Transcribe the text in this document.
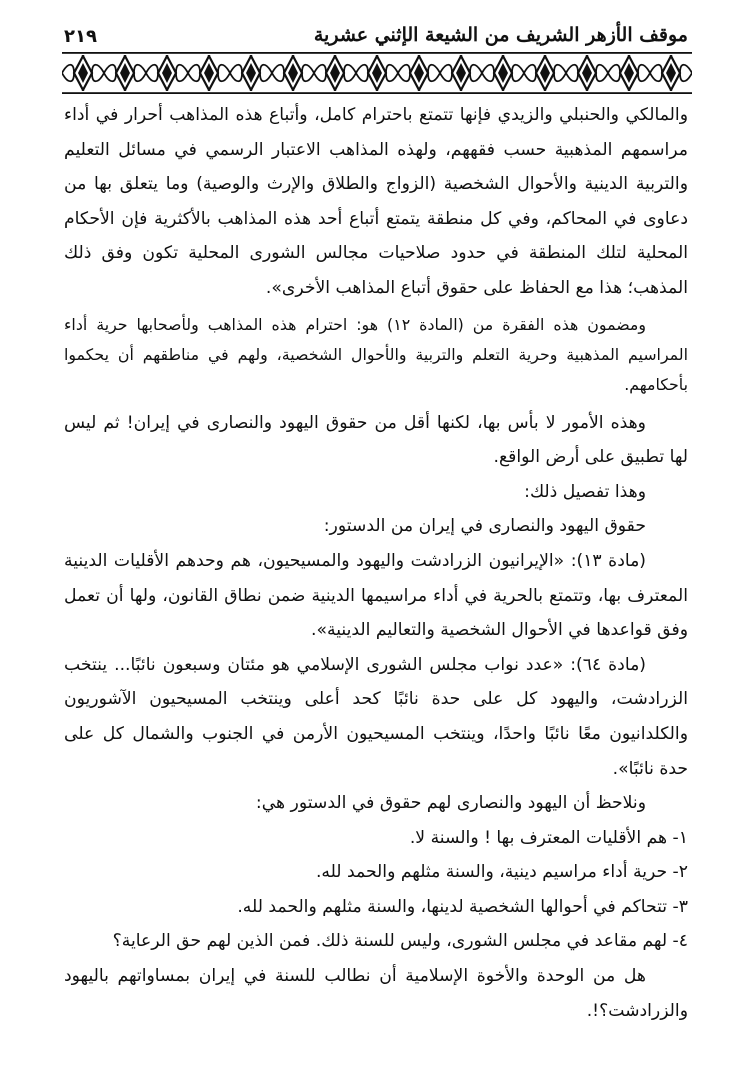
موقف الأزهر الشريف من الشيعة الإثني عشرية
٢١٩

والمالكي والحنبلي والزيدي فإنها تتمتع باحترام كامل، وأتباع هذه المذاهب أحرار في أداء مراسمهم المذهبية حسب فقههم، ولهذه المذاهب الاعتبار الرسمي في مسائل التعليم والتربية الدينية والأحوال الشخصية (الزواج والطلاق والإرث والوصية) وما يتعلق بها من دعاوى في المحاكم، وفي كل منطقة يتمتع أتباع أحد هذه المذاهب بالأكثرية فإن الأحكام المحلية لتلك المنطقة في حدود صلاحيات مجالس الشورى المحلية تكون وفق ذلك المذهب؛ هذا مع الحفاظ على حقوق أتباع المذاهب الأخرى».

ومضمون هذه الفقرة من (المادة ١٢) هو: احترام هذه المذاهب ولأصحابها حرية أداء المراسيم المذهبية وحرية التعلم والتربية والأحوال الشخصية، ولهم في مناطقهم أن يحكموا بأحكامهم.

وهذه الأمور لا بأس بها، لكنها أقل من حقوق اليهود والنصارى في إيران! ثم ليس لها تطبيق على أرض الواقع.

وهذا تفصيل ذلك:

حقوق اليهود والنصارى في إيران من الدستور:

(مادة ١٣): «الإيرانيون الزرادشت واليهود والمسيحيون، هم وحدهم الأقليات الدينية المعترف بها، وتتمتع بالحرية في أداء مراسيمها الدينية ضمن نطاق القانون، ولها أن تعمل وفق قواعدها في الأحوال الشخصية والتعاليم الدينية».

(مادة ٦٤): «عدد نواب مجلس الشورى الإسلامي هو مئتان وسبعون نائبًا... ينتخب الزرادشت، واليهود كل على حدة نائبًا كحد أعلى وينتخب المسيحيون الآشوريون والكلدانيون معًا نائبًا واحدًا، وينتخب المسيحيون الأرمن في الجنوب والشمال كل على حدة نائبًا».

ونلاحظ أن اليهود والنصارى لهم حقوق في الدستور هي:

١- هم الأقليات المعترف بها ! والسنة لا.

٢- حرية أداء مراسيم دينية، والسنة مثلهم والحمد لله.

٣- تتحاكم في أحوالها الشخصية لدينها، والسنة مثلهم والحمد لله.

٤- لهم مقاعد في مجلس الشورى، وليس للسنة ذلك. فمن الذين لهم حق الرعاية؟

هل من الوحدة والأخوة الإسلامية أن نطالب للسنة في إيران بمساواتهم باليهود والزرادشت؟!.
